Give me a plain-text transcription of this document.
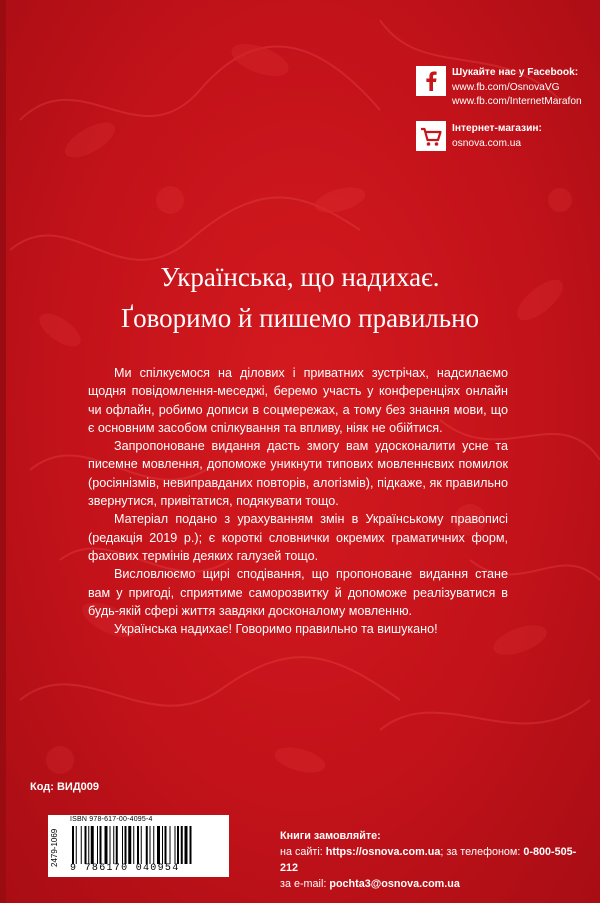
Шукайте нас у Facebook:
www.fb.com/OsnovaVG
www.fb.com/InternetMarafon
Інтернет-магазин:
osnova.com.ua
Українська, що надихає.
Ґоворимо й пишемо правильно

Ми спілкуємося на ділових і приватних зустрічах, надсилаємо щодня повідомлення-меседжі, беремо участь у конференціях онлайн чи офлайн, робимо дописи в соцмережах, а тому без знання мови, що є основним засобом спілкування та впливу, ніяк не обійтися.

Запропоноване видання дасть змогу вам удосконалити усне та писемне мовлення, допоможе уникнути типових мовленнєвих помилок (росіянізмів, невиправданих повторів, алогізмів), підкаже, як правильно звернутися, привітатися, подякувати тощо.

Матеріал подано з урахуванням змін в Українському правописі (редакція 2019 р.); є короткі словнички окремих граматичних форм, фахових термінів деяких галузей тощо.

Висловлюємо щирі сподівання, що пропоноване видання стане вам у пригоді, сприятиме саморозвитку й допоможе реалізуватися в будь-якій сфері життя завдяки досконалому мовленню.

Українська надихає! Говоримо правильно та вишукано!

Код: ВИД009
2479-1069
ISBN 978-617-00-4095-4
9 786170 040954
Книги замовляйте:
на сайті: https://osnova.com.ua; за телефоном: 0-800-505-212
за e-mail: pochta3@osnova.com.ua
